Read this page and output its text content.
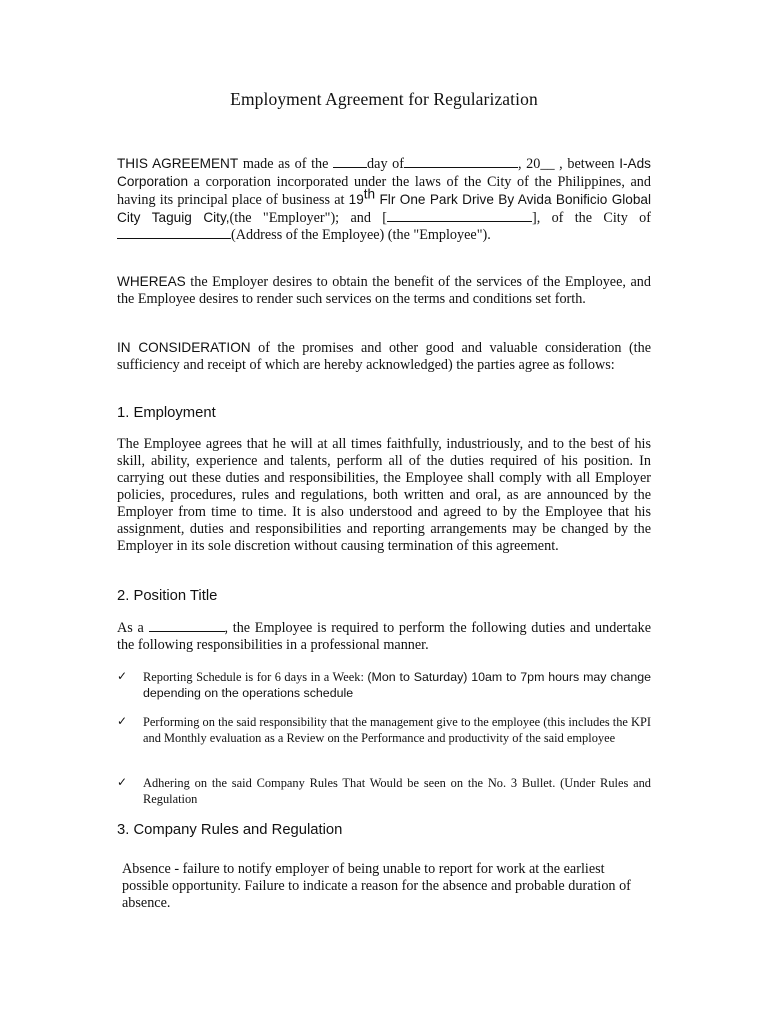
Employment Agreement for Regularization
THIS AGREEMENT made as of the day of	, 20__ , between I-Ads Corporation a corporation incorporated under the laws of the City of the Philippines, and having its principal place of business at 19th Flr One Park Drive By Avida Bonificio Global City Taguig City,(the "Employer"); and [	], of the City of (Address of the Employee) (the "Employee").
WHEREAS the Employer desires to obtain the benefit of the services of the Employee, and the Employee desires to render such services on the terms and conditions set forth.
IN CONSIDERATION of the promises and other good and valuable consideration (the sufficiency and receipt of which are hereby acknowledged) the parties agree as follows:
1. Employment
The Employee agrees that he will at all times faithfully, industriously, and to the best of his skill, ability, experience and talents, perform all of the duties required of his position. In carrying out these duties and responsibilities, the Employee shall comply with all Employer policies, procedures, rules and regulations, both written and oral, as are announced by the Employer from time to time. It is also understood and agreed to by the Employee that his assignment, duties and responsibilities and reporting arrangements may be changed by the Employer in its sole discretion without causing termination of this agreement.
2. Position Title
As a	, the Employee is required to perform the following duties and undertake the following responsibilities in a professional manner.
✓ Reporting Schedule is for 6 days in a Week: (Mon to Saturday) 10am to 7pm hours may change depending on the operations schedule
✓ Performing on the said responsibility that the management give to the employee (this includes the KPI and Monthly evaluation as a Review on the Performance and productivity of the said employee
✓ Adhering on the said Company Rules That Would be seen on the No. 3 Bullet. (Under Rules and Regulation
3. Company Rules and Regulation
Absence - failure to notify employer of being unable to report for work at the earliest possible opportunity. Failure to indicate a reason for the absence and probable duration of absence.
